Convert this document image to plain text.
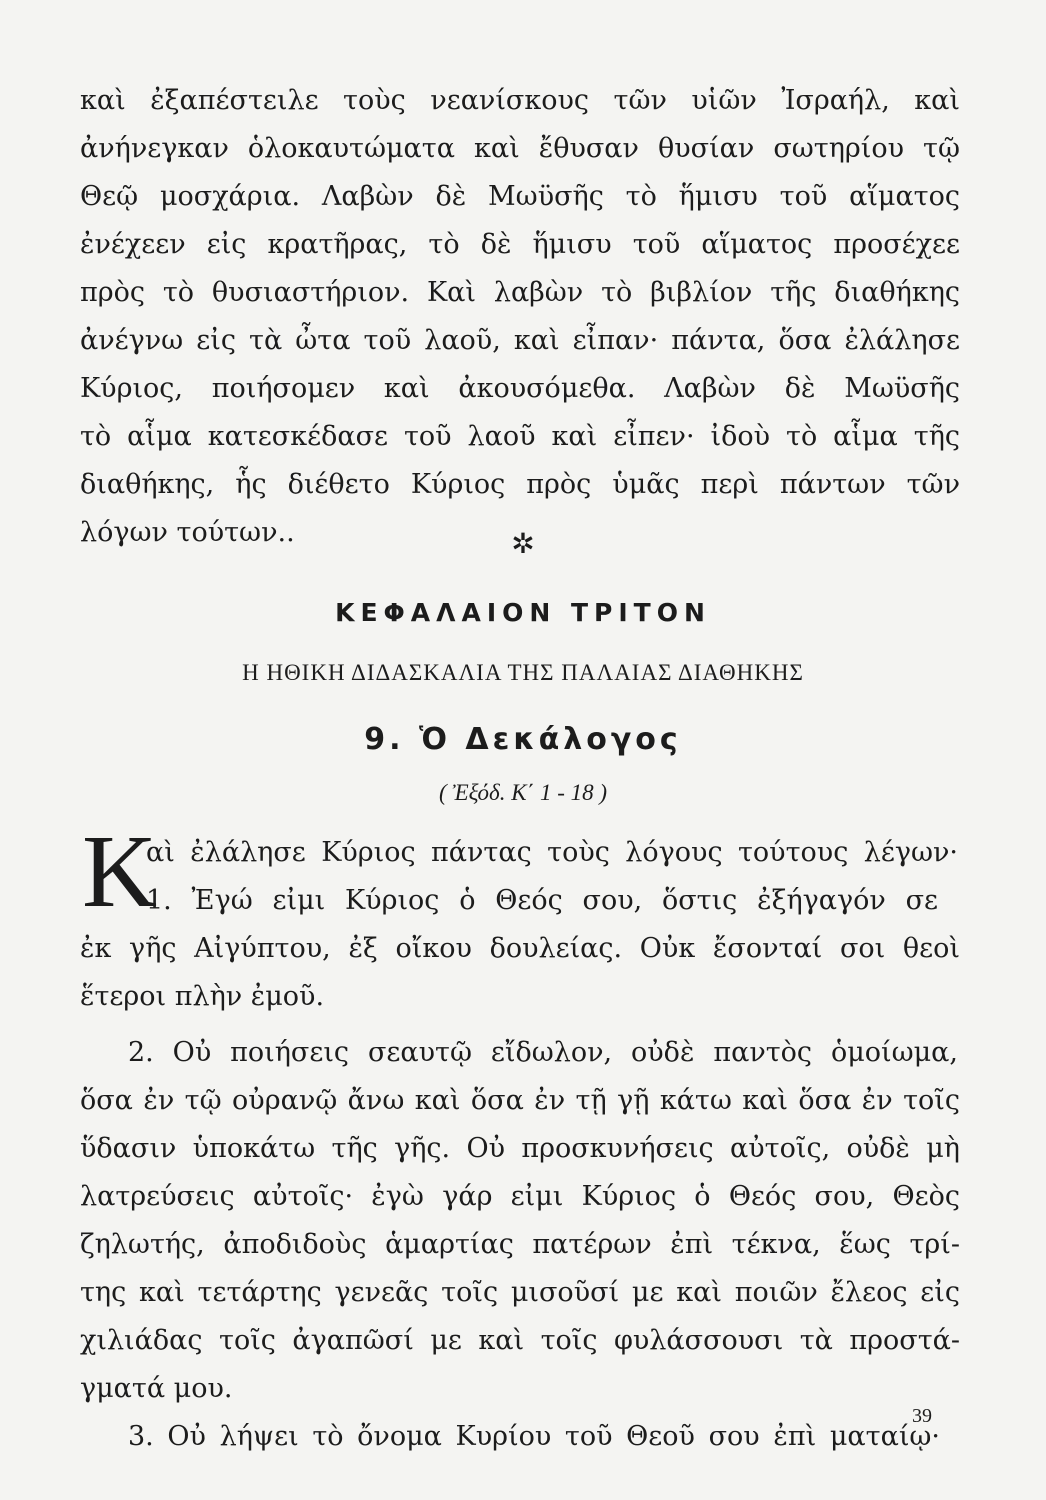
καὶ ἐξαπέστειλε τοὺς νεανίσκους τῶν υἱῶν Ἰσραήλ, καὶ
ἀνήνεγκαν ὁλοκαυτώματα καὶ ἔθυσαν θυσίαν σωτηρίου τῷ
Θεῷ μοσχάρια. Λαβὼν δὲ Μωϋσῆς τὸ ἥμισυ τοῦ αἵματος
ἐνέχεεν εἰς κρατῆρας, τὸ δὲ ἥμισυ τοῦ αἵματος προσέχεε
πρὸς τὸ θυσιαστήριον. Καὶ λαβὼν τὸ βιβλίον τῆς διαθήκης
ἀνέγνω εἰς τὰ ὦτα τοῦ λαοῦ, καὶ εἶπαν· πάντα, ὅσα ἐλάλησε
Κύριος, ποιήσομεν καὶ ἀκουσόμεθα. Λαβὼν δὲ Μωϋσῆς
τὸ αἷμα κατεσκέδασε τοῦ λαοῦ καὶ εἶπεν· ἰδοὺ τὸ αἷμα τῆς
διαθήκης, ἧς διέθετο Κύριος πρὸς ὑμᾶς περὶ πάντων τῶν
λόγων τούτων..	✲
ΚΕΦΑΛΑΙΟΝ ΤΡΙΤΟΝ
Η ΗΘΙΚΗ ΔΙΔΑΣΚΑΛΙΑ ΤΗΣ ΠΑΛΑΙΑΣ ΔΙΑΘΗΚΗΣ
9. Ὁ Δεκάλογος
( Ἐξόδ. Κ΄ 1 - 18 )
Κ
αὶ ἐλάλησε Κύριος πάντας τοὺς λόγους τούτους λέγων·
1. Ἐγώ εἰμι Κύριος ὁ Θεός σου, ὅστις ἐξήγαγόν σε
ἐκ γῆς Αἰγύπτου, ἐξ οἴκου δουλείας. Οὐκ ἔσονταί σοι θεοὶ
ἕτεροι πλὴν ἐμοῦ.
2. Οὐ ποιήσεις σεαυτῷ εἴδωλον, οὐδὲ παντὸς ὁμοίωμα,
ὅσα ἐν τῷ οὐρανῷ ἄνω καὶ ὅσα ἐν τῇ γῇ κάτω καὶ ὅσα ἐν τοῖς
ὕδασιν ὑποκάτω τῆς γῆς. Οὐ προσκυνήσεις αὐτοῖς, οὐδὲ μὴ
λατρεύσεις αὐτοῖς· ἐγὼ γάρ εἰμι Κύριος ὁ Θεός σου, Θεὸς
ζηλωτής, ἀποδιδοὺς ἁμαρτίας πατέρων ἐπὶ τέκνα, ἕως τρί-
της καὶ τετάρτης γενεᾶς τοῖς μισοῦσί με καὶ ποιῶν ἔλεος εἰς
χιλιάδας τοῖς ἀγαπῶσί με καὶ τοῖς φυλάσσουσι τὰ προστά-
γματά μου.
3. Οὐ λήψει τὸ ὄνομα Κυρίου τοῦ Θεοῦ σου ἐπὶ ματαίῳ·
39
